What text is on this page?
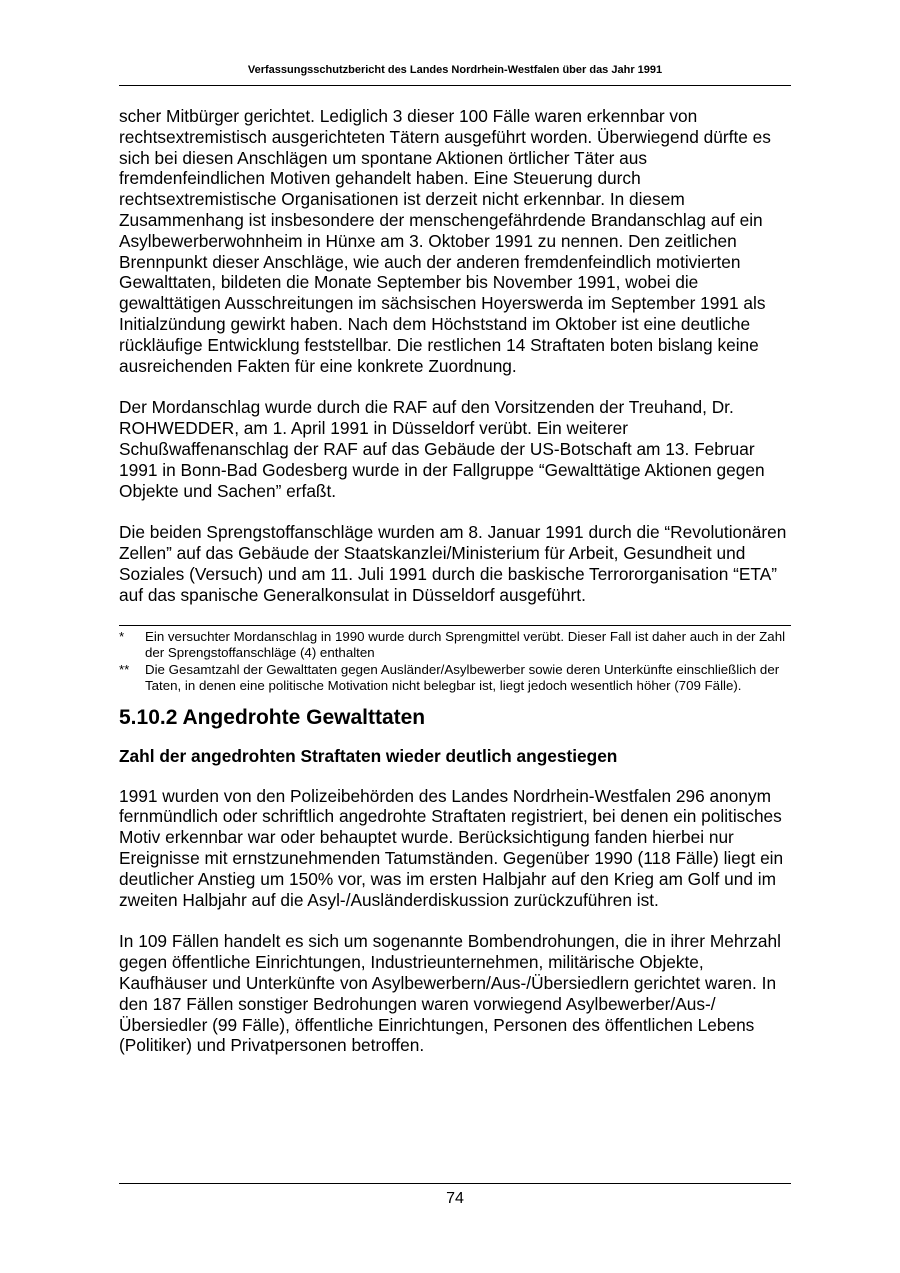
Verfassungsschutzbericht des Landes Nordrhein-Westfalen über das Jahr 1991

scher Mitbürger gerichtet. Lediglich 3 dieser 100 Fälle waren erkennbar von rechtsextremistisch ausgerichteten Tätern ausgeführt worden. Überwiegend dürfte es sich bei diesen Anschlägen um spontane Aktionen örtlicher Täter aus fremdenfeindlichen Motiven gehandelt haben. Eine Steuerung durch rechtsextremistische Organisationen ist derzeit nicht erkennbar. In diesem Zusammenhang ist insbesondere der menschengefährdende Brandanschlag auf ein Asylbewerberwohnheim in Hünxe am 3. Oktober 1991 zu nennen. Den zeitlichen Brennpunkt dieser Anschläge, wie auch der anderen fremdenfeindlich motivierten Gewalttaten, bildeten die Monate September bis November 1991, wobei die gewalttätigen Ausschreitungen im sächsischen Hoyerswerda im September 1991 als Initialzündung gewirkt haben. Nach dem Höchststand im Oktober ist eine deutliche rückläufige Entwicklung feststellbar. Die restlichen 14 Straftaten boten bislang keine ausreichenden Fakten für eine konkrete Zuordnung.

Der Mordanschlag wurde durch die RAF auf den Vorsitzenden der Treuhand, Dr. ROHWEDDER, am 1. April 1991 in Düsseldorf verübt. Ein weiterer Schußwaffenanschlag der RAF auf das Gebäude der US-Botschaft am 13. Februar 1991 in Bonn-Bad Godesberg wurde in der Fallgruppe “Gewalttätige Aktionen gegen Objekte und Sachen” erfaßt.

Die beiden Sprengstoffanschläge wurden am 8. Januar 1991 durch die “Revolutionären Zellen” auf das Gebäude der Staatskanzlei/Ministerium für Arbeit, Gesundheit und Soziales (Versuch) und am 11. Juli 1991 durch die baskische Terrororganisation “ETA” auf das spanische Generalkonsulat in Düsseldorf ausgeführt.

*	Ein versuchter Mordanschlag in 1990 wurde durch Sprengmittel verübt. Dieser Fall ist daher auch in der Zahl der Sprengstoffanschläge (4) enthalten
**	Die Gesamtzahl der Gewalttaten gegen Ausländer/Asylbewerber sowie deren Unterkünfte einschließlich der Taten, in denen eine politische Motivation nicht belegbar ist, liegt jedoch wesentlich höher (709 Fälle).
5.10.2 Angedrohte Gewalttaten
Zahl der angedrohten Straftaten wieder deutlich angestiegen

1991 wurden von den Polizeibehörden des Landes Nordrhein-Westfalen 296 anonym fernmündlich oder schriftlich angedrohte Straftaten registriert, bei denen ein politisches Motiv erkennbar war oder behauptet wurde. Berücksichtigung fanden hierbei nur Ereignisse mit ernstzunehmenden Tatumständen. Gegenüber 1990 (118 Fälle) liegt ein deutlicher Anstieg um 150% vor, was im ersten Halbjahr auf den Krieg am Golf und im zweiten Halbjahr auf die Asyl-/Ausländerdiskussion zurückzuführen ist.

In 109 Fällen handelt es sich um sogenannte Bombendrohungen, die in ihrer Mehrzahl gegen öffentliche Einrichtungen, Industrieunternehmen, militärische Objekte, Kaufhäuser und Unterkünfte von Asylbewerbern/Aus-/Übersiedlern gerichtet waren. In den 187 Fällen sonstiger Bedrohungen waren vorwiegend Asylbewerber/Aus-/Übersiedler (99 Fälle), öffentliche Einrichtungen, Personen des öffentlichen Lebens (Politiker) und Privatpersonen betroffen.

74
